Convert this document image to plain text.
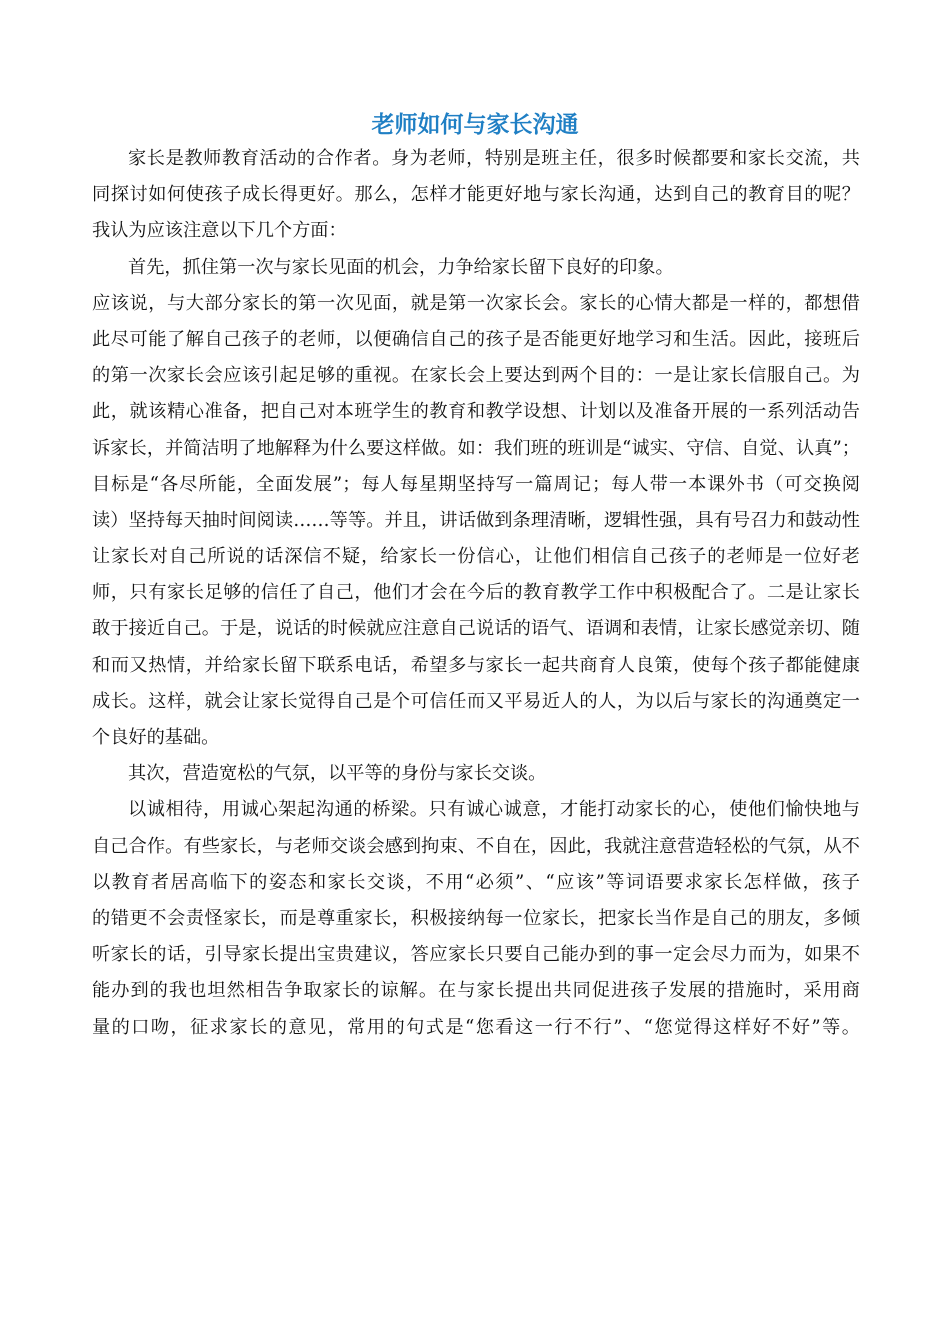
老师如何与家长沟通
家长是教师教育活动的合作者。身为老师，特别是班主任，很多时候都要和家长交流，共
同探讨如何使孩子成长得更好。那么，怎样才能更好地与家长沟通，达到自己的教育目的呢？
我认为应该注意以下几个方面：
首先，抓住第一次与家长见面的机会，力争给家长留下良好的印象。
应该说，与大部分家长的第一次见面，就是第一次家长会。家长的心情大都是一样的，都想借
此尽可能了解自己孩子的老师，以便确信自己的孩子是否能更好地学习和生活。因此，接班后
的第一次家长会应该引起足够的重视。在家长会上要达到两个目的：一是让家长信服自己。为
此，就该精心准备，把自己对本班学生的教育和教学设想、计划以及准备开展的一系列活动告
诉家长，并简洁明了地解释为什么要这样做。如：我们班的班训是“诚实、守信、自觉、认真”；
目标是“各尽所能，全面发展”；每人每星期坚持写一篇周记；每人带一本课外书（可交换阅
读）坚持每天抽时间阅读……等等。并且，讲话做到条理清晰，逻辑性强，具有号召力和鼓动性
让家长对自己所说的话深信不疑，给家长一份信心，让他们相信自己孩子的老师是一位好老
师，只有家长足够的信任了自己，他们才会在今后的教育教学工作中积极配合了。二是让家长
敢于接近自己。于是，说话的时候就应注意自己说话的语气、语调和表情，让家长感觉亲切、随
和而又热情，并给家长留下联系电话，希望多与家长一起共商育人良策，使每个孩子都能健康
成长。这样，就会让家长觉得自己是个可信任而又平易近人的人，为以后与家长的沟通奠定一
个良好的基础。
其次，营造宽松的气氛，以平等的身份与家长交谈。
以诚相待，用诚心架起沟通的桥梁。只有诚心诚意，才能打动家长的心，使他们愉快地与
自己合作。有些家长，与老师交谈会感到拘束、不自在，因此，我就注意营造轻松的气氛，从不
以教育者居高临下的姿态和家长交谈，不用“必须”、“应该”等词语要求家长怎样做，孩子
的错更不会责怪家长，而是尊重家长，积极接纳每一位家长，把家长当作是自己的朋友，多倾
听家长的话，引导家长提出宝贵建议，答应家长只要自己能办到的事一定会尽力而为，如果不
能办到的我也坦然相告争取家长的谅解。在与家长提出共同促进孩子发展的措施时，采用商
量的口吻，征求家长的意见，常用的句式是“您看这一行不行”、“您觉得这样好不好”等。
